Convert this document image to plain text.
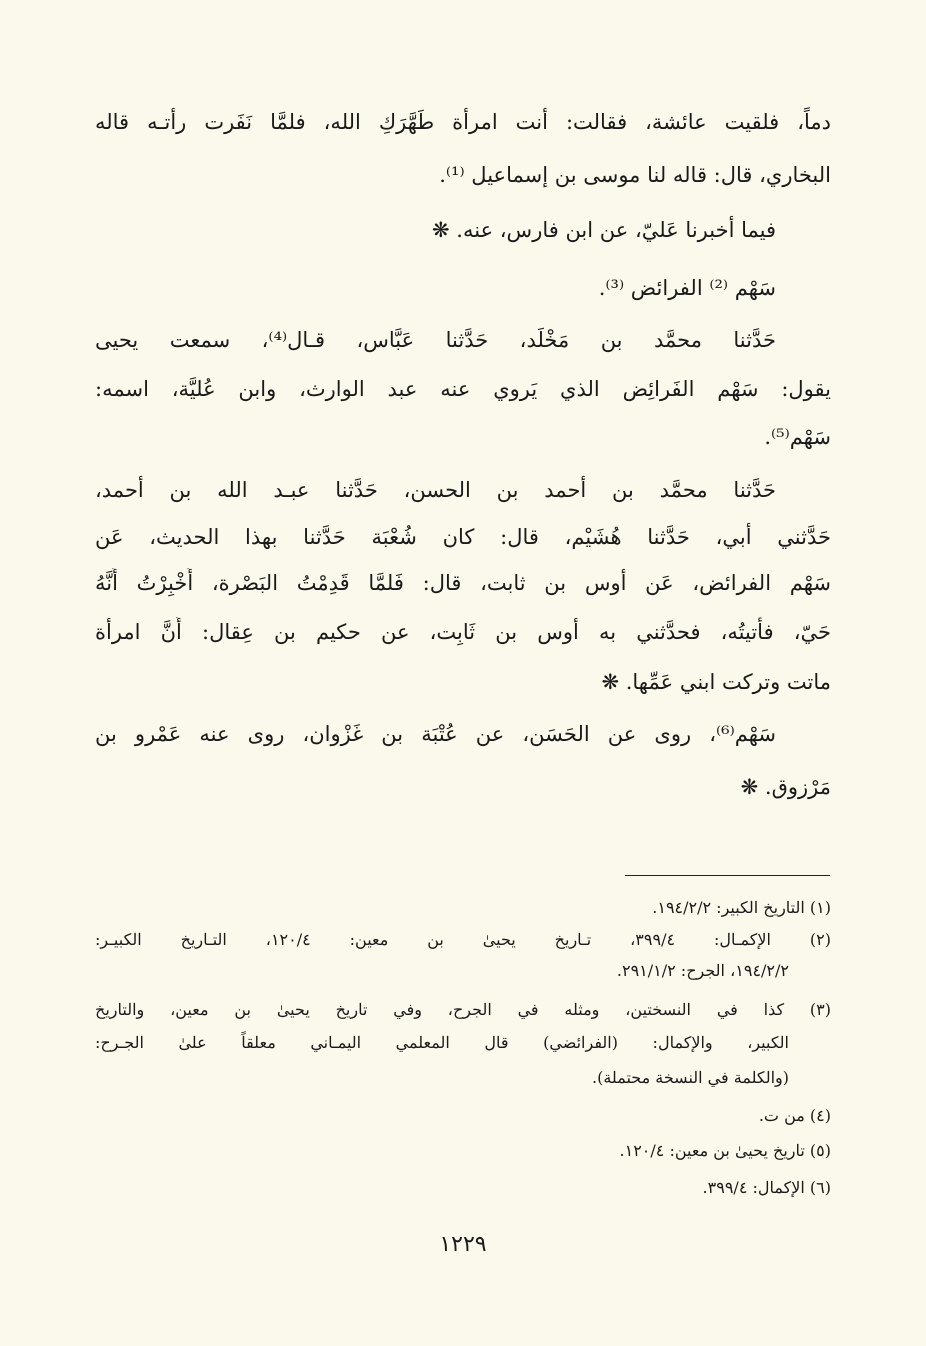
دماً، فلقيت عائشة، فقالت: أنت امرأة طَهَّرَكِ الله، فلمَّا نَفَرت رأتـه قاله
البخاري، قال: قاله لنا موسى بن إسماعيل ⁽¹⁾.
فيما أخبرنا عَليّ، عن ابن فارس، عنه. ❋
سَهْم ⁽²⁾ الفرائض ⁽³⁾.
حَدَّثنا محمَّد بن مَخْلَد، حَدَّثنا عَبَّاس، قـال⁽⁴⁾، سمعت يحيى
يقول: سَهْم الفَرائِض الذي يَروي عنه عبد الوارث، وابن عُليَّة، اسمه:
سَهْم⁽⁵⁾.
حَدَّثنا محمَّد بن أحمد بن الحسن، حَدَّثنا عبـد الله بن أحمد،
حَدَّثني أبي، حَدَّثنا هُشَيْم، قال: كان شُعْبَة حَدَّثنا بهذا الحديث، عَن
سَهْم الفرائض، عَن أوس بن ثابت، قال: فَلمَّا قَدِمْتُ البَصْرة، أُخْبِرْتُ أَنَّهُ
حَيّ، فأتيتُه، فحدَّثني به أوس بن ثَابِت، عن حكيم بن عِقال: أَنَّ امرأة
ماتت وتركت ابني عَمِّها. ❋
سَهْم⁽⁶⁾، روى عن الحَسَن، عن عُتْبَة بن غَزْوان، روى عنه عَمْرو بن
مَرْزوق. ❋
(١) التاريخ الكبير: ١٩٤/٢/٢.
(٢) الإكمـال: ٣٩٩/٤، تـاريخ يحيىٰ بن معين: ١٢٠/٤، التـاريخ الكبيـر:
١٩٤/٢/٢، الجرح: ٢٩١/١/٢.
(٣) كذا في النسختين، ومثله في الجرح، وفي تاريخ يحيىٰ بن معين، والتاريخ
الكبير، والإكمال: (الفرائضي) قال المعلمي اليمـاني معلقاً علىٰ الجـرح:
(والكلمة في النسخة محتملة).
(٤) من ت.
(٥) تاريخ يحيىٰ بن معين: ١٢٠/٤.
(٦) الإكمال: ٣٩٩/٤.
١٢٢٩
